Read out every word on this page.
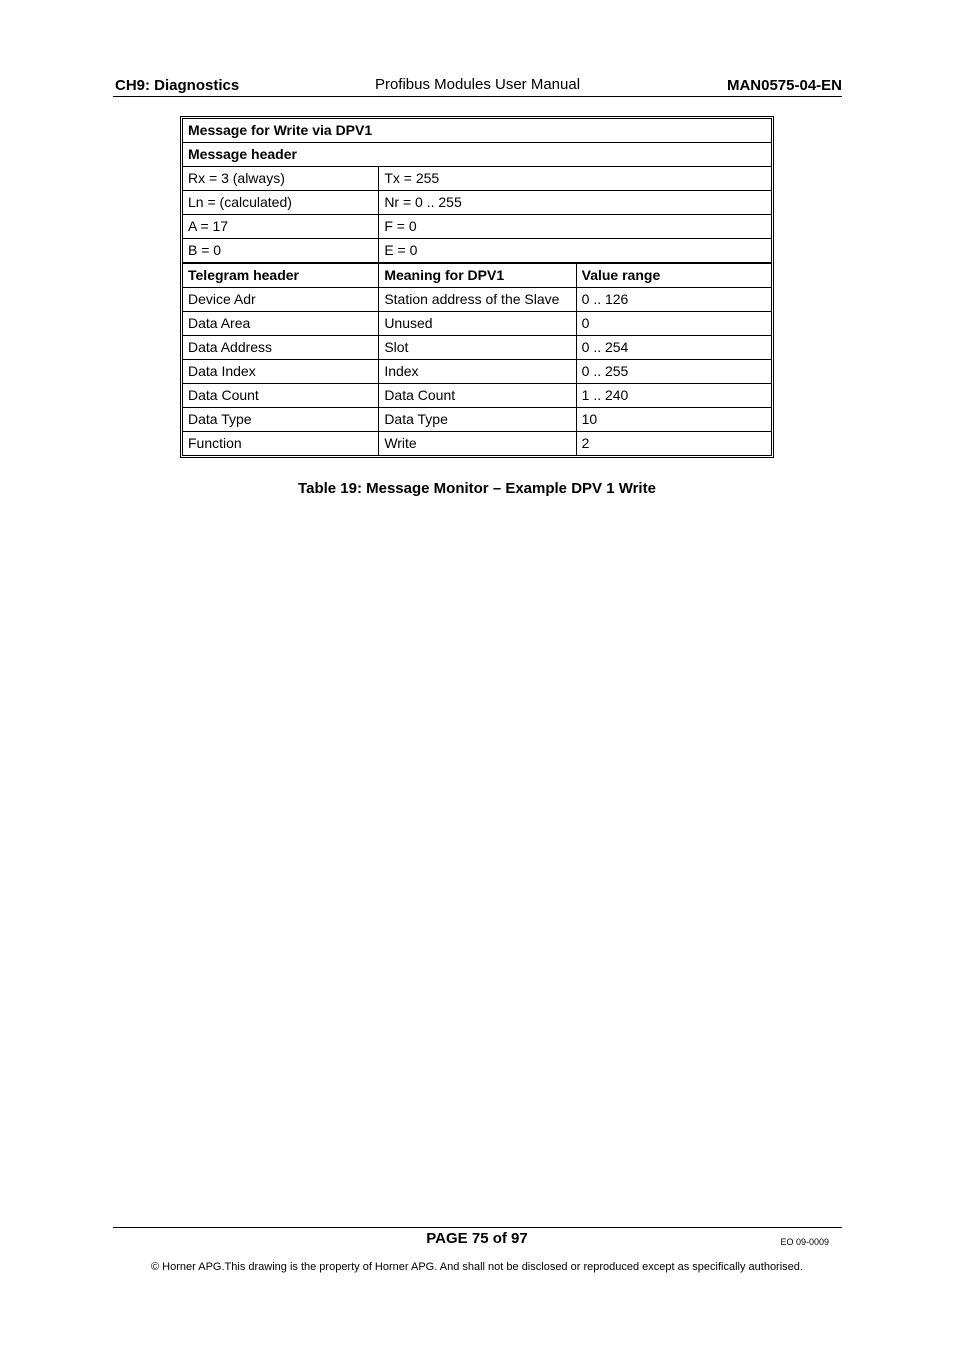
CH9: Diagnostics	Profibus Modules User Manual	MAN0575-04-EN
Message for Write via DPV1		
Message header		
Rx = 3 (always)	Tx = 255	
Ln = (calculated)	Nr = 0 .. 255	
A = 17	F = 0	
B = 0	E = 0	
Telegram header	Meaning for DPV1	Value range
Device Adr	Station address of the Slave	0 .. 126
Data Area	Unused	0
Data Address	Slot	0 .. 254
Data Index	Index	0 .. 255
Data Count	Data Count	1 .. 240
Data Type	Data Type	10
Function	Write	2
Table 19: Message Monitor – Example DPV 1 Write
PAGE 75 of 97	EO 09-0009
© Horner APG.This drawing is the property of Horner APG. And shall not be disclosed or reproduced except as specifically authorised.
